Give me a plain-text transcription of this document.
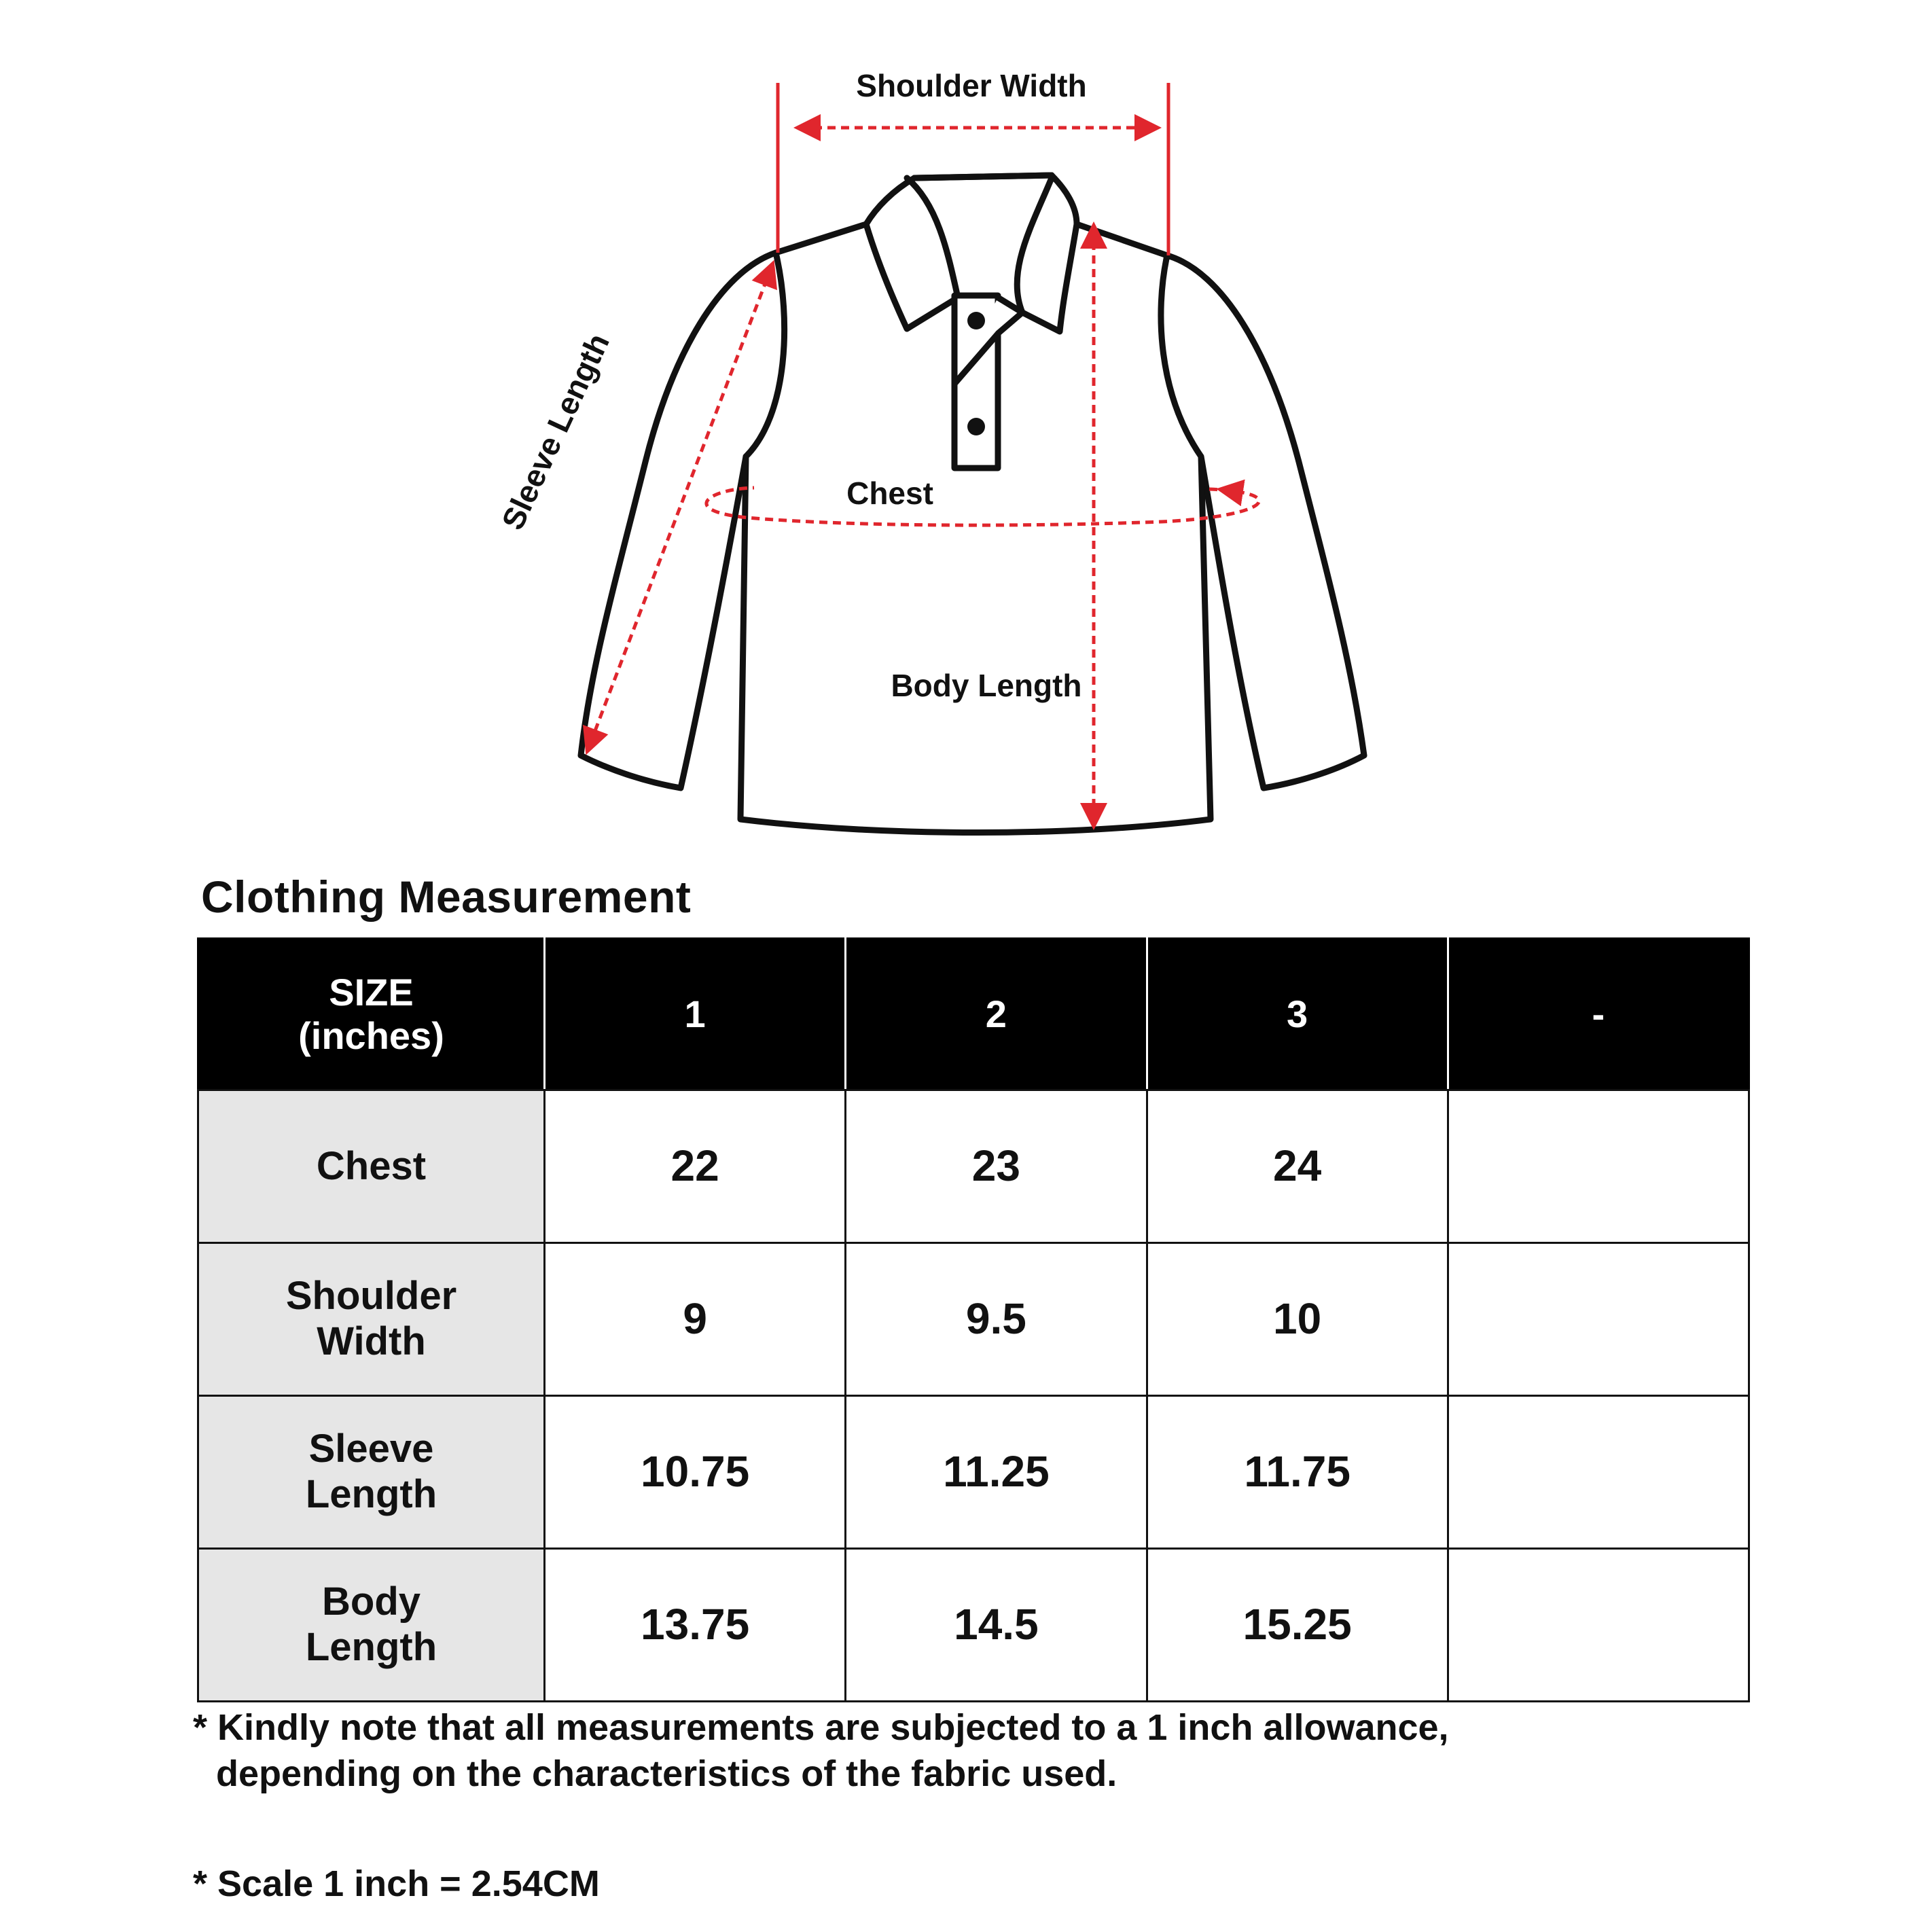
Shoulder Width
Sleeve Length	Chest
Body Length
Clothing Measurement
SIZE
(inches)	1	2	3	-

Chest	22	23	24	

Shoulder
Width	9	9.5	10	

Sleeve
Length	10.75	11.25	11.75	

Body
Length	13.75	14.5	15.25	
* Kindly note that all measurements are subjected to a 1 inch allowance,
depending on the characteristics of the fabric used.
* Scale 1 inch = 2.54CM
